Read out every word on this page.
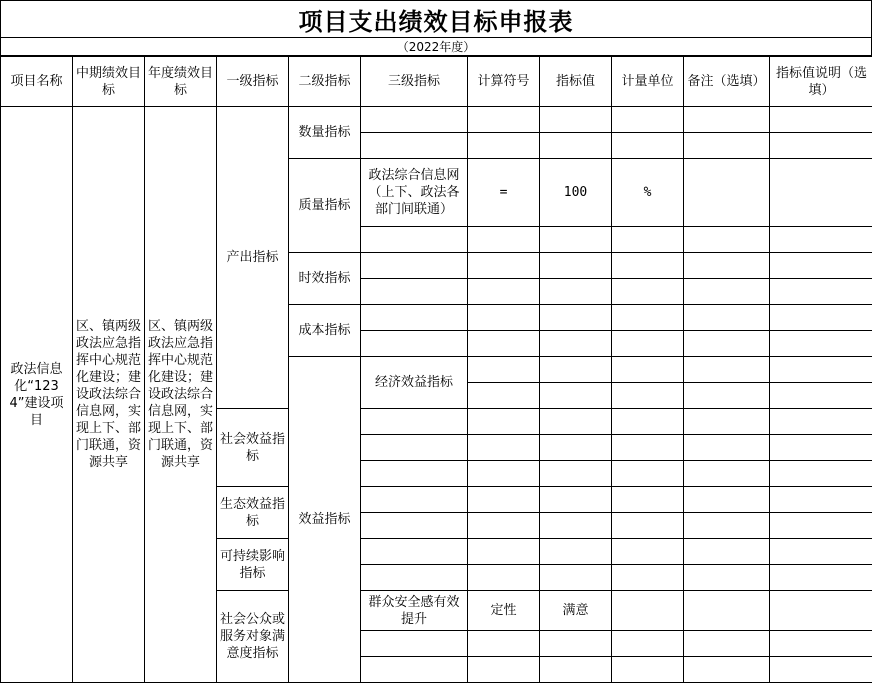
项目支出绩效目标申报表
（2022年度）
项目名称	中期绩效目标	年度绩效目标	一级指标	二级指标	三级指标	计算符号	指标值	计量单位	备注（选填）	指标值说明（选填）	
政法信息化“1234”建设项目	区、镇两级政法应急指挥中心规范化建设；建设政法综合信息网，实现上下、部门联通，资源共享	区、镇两级政法应急指挥中心规范化建设；建设政法综合信息网，实现上下、部门联通，资源共享	产出指标	数量指标							

				质量指标	政法综合信息网（上下、政法各部门间联通）	=	100	%			

				时效指标							

				成本指标							

				效益指标	经济效益指标						

			社会效益指标								

			生态效益指标								

			可持续影响指标								

			社会公众或服务对象满意度指标		群众安全感有效提升	定性	满意				
